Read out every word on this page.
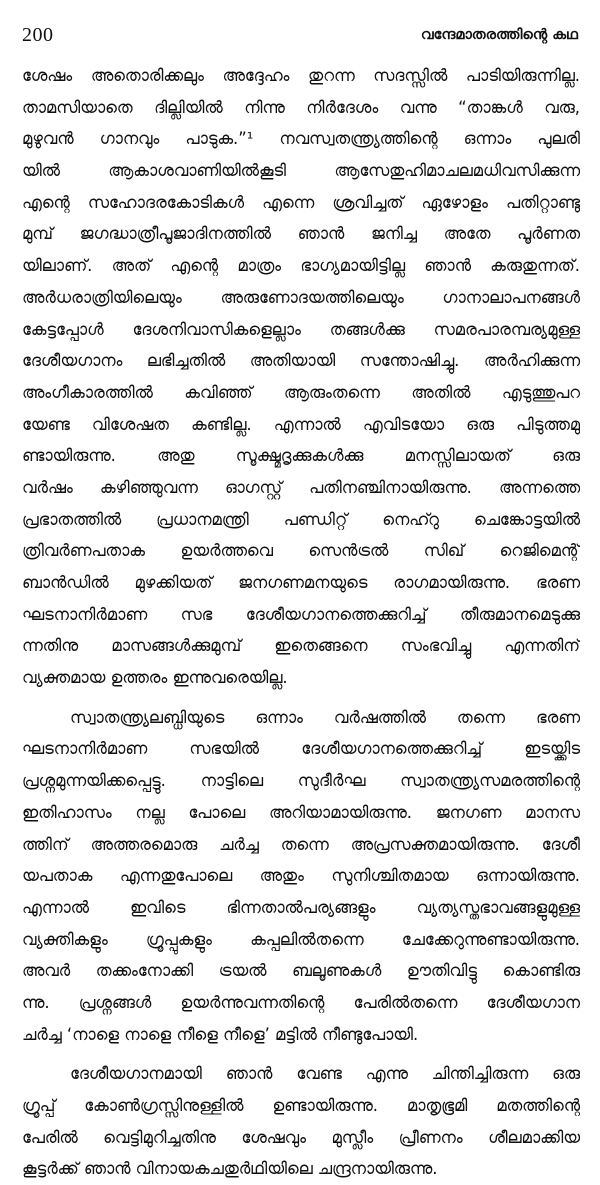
200	വന്ദേമാതരത്തിന്റെ കഥ
ശേഷം അതൊരിക്കലും അദ്ദേഹം തുറന്ന സദസ്സിൽ പാടിയിരുന്നില്ല.
താമസിയാതെ ദില്ലിയിൽ നിന്നു നിർദേശം വന്നു “താങ്കൾ വരു,
മുഴുവൻ ഗാനവും പാടുക.”¹ നവസ്വതന്ത്ര്യത്തിന്റെ ഒന്നാം പുലരി
യിൽ ആകാശവാണിയിൽകൂടി ആസേതുഹിമാചലമധിവസിക്കുന്ന
എന്റെ സഹോദരകോടികൾ എന്നെ ശ്രവിച്ചത് ഏഴോളം പതിറ്റാണ്ടു
മുമ്പ് ജഗദ്ധാത്രീപൂജാദിനത്തിൽ ഞാൻ ജനിച്ച അതേ പൂർണത
യിലാണ്. അത് എന്റെ മാത്രം ഭാഗ്യമായിട്ടില്ല ഞാൻ കരുതുന്നത്.
അർധരാത്രിയിലെയും അരുണോദയത്തിലെയും ഗാനാലാപനങ്ങൾ
കേട്ടപ്പോൾ ദേശനിവാസികളെല്ലാം തങ്ങൾക്കു സമരപാരമ്പര്യമുള്ള
ദേശീയഗാനം ലഭിച്ചതിൽ അതിയായി സന്തോഷിച്ചു. അർഹിക്കുന്ന
അംഗീകാരത്തിൽ കവിഞ്ഞ് ആരുംതന്നെ അതിൽ എടുത്തുപറ
യേണ്ട വിശേഷത കണ്ടില്ല. എന്നാൽ എവിടയോ ഒരു പിടുത്തമു
ണ്ടായിരുന്നു. അതു സൂക്ഷ്മദൃക്കുകൾക്കു മനസ്സിലായത് ഒരു
വർഷം കഴിഞ്ഞുവന്ന ഓഗസ്റ്റ് പതിനഞ്ചിനായിരുന്നു. അന്നത്തെ
പ്രഭാതത്തിൽ പ്രധാനമന്ത്രി പണ്ഡിറ്റ് നെഹ്റു ചെങ്കോട്ടയിൽ
ത്രിവർണപതാക ഉയർത്തവെ സെൻട്രൽ സിഖ് റെജിമെന്റ്
ബാൻഡിൽ മുഴക്കിയത് ജനഗണമനയുടെ രാഗമായിരുന്നു. ഭരണ
ഘടനാനിർമാണ സഭ ദേശീയഗാനത്തെക്കുറിച്ച് തീരുമാനമെടുക്കു
ന്നതിനു മാസങ്ങൾക്കുമുമ്പ് ഇതെങ്ങനെ സംഭവിച്ചു എന്നതിന്
വ്യക്തമായ ഉത്തരം ഇന്നുവരെയില്ല.
സ്വാതന്ത്ര്യലബ്ധിയുടെ ഒന്നാം വർഷത്തിൽ തന്നെ ഭരണ
ഘടനാനിർമാണ സഭയിൽ ദേശീയഗാനത്തെക്കുറിച്ച് ഇടയ്ക്കിട
പ്രശ്നമുന്നയിക്കപ്പെട്ടു. നാട്ടിലെ സുദീർഘ സ്വാതന്ത്ര്യസമരത്തിന്റെ
ഇതിഹാസം നല്ല പോലെ അറിയാമായിരുന്നു. ജനഗണ മാനസ
ത്തിന് അത്തരമൊരു ചർച്ച തന്നെ അപ്രസക്തമായിരുന്നു. ദേശീ
യപതാക എന്നതുപോലെ അതും സുനിശ്ചിതമായ ഒന്നായിരുന്നു.
എന്നാൽ ഇവിടെ ഭിന്നതാൽപര്യങ്ങളും വ്യത്യസ്തഭാവങ്ങളുമുള്ള
വ്യക്തികളും ഗ്രൂപ്പുകളും കപ്പലിൽതന്നെ ചേക്കേറുന്നുണ്ടായിരുന്നു.
അവർ തക്കംനോക്കി ട്രയൽ ബലൂണുകൾ ഊതിവിട്ടു കൊണ്ടിരു
ന്നു. പ്രശ്നങ്ങൾ ഉയർന്നുവന്നതിന്റെ പേരിൽതന്നെ ദേശീയഗാന
ചർച്ച ‘നാളെ നാളെ നീളെ നീളെ’ മട്ടിൽ നീണ്ടുപോയി.
ദേശീയഗാനമായി ഞാൻ വേണ്ട എന്നു ചിന്തിച്ചിരുന്ന ഒരു
ഗ്രൂപ്പ് കോൺഗ്രസ്സിനുള്ളിൽ ഉണ്ടായിരുന്നു. മാതൃഭൂമി മതത്തിന്റെ
പേരിൽ വെട്ടിമുറിച്ചതിനു ശേഷവും മുസ്ലീം പ്രീണനം ശീലമാക്കിയ
കൂട്ടർക്ക് ഞാൻ വിനായകചതുർഥിയിലെ ചന്ദ്രനായിരുന്നു.
